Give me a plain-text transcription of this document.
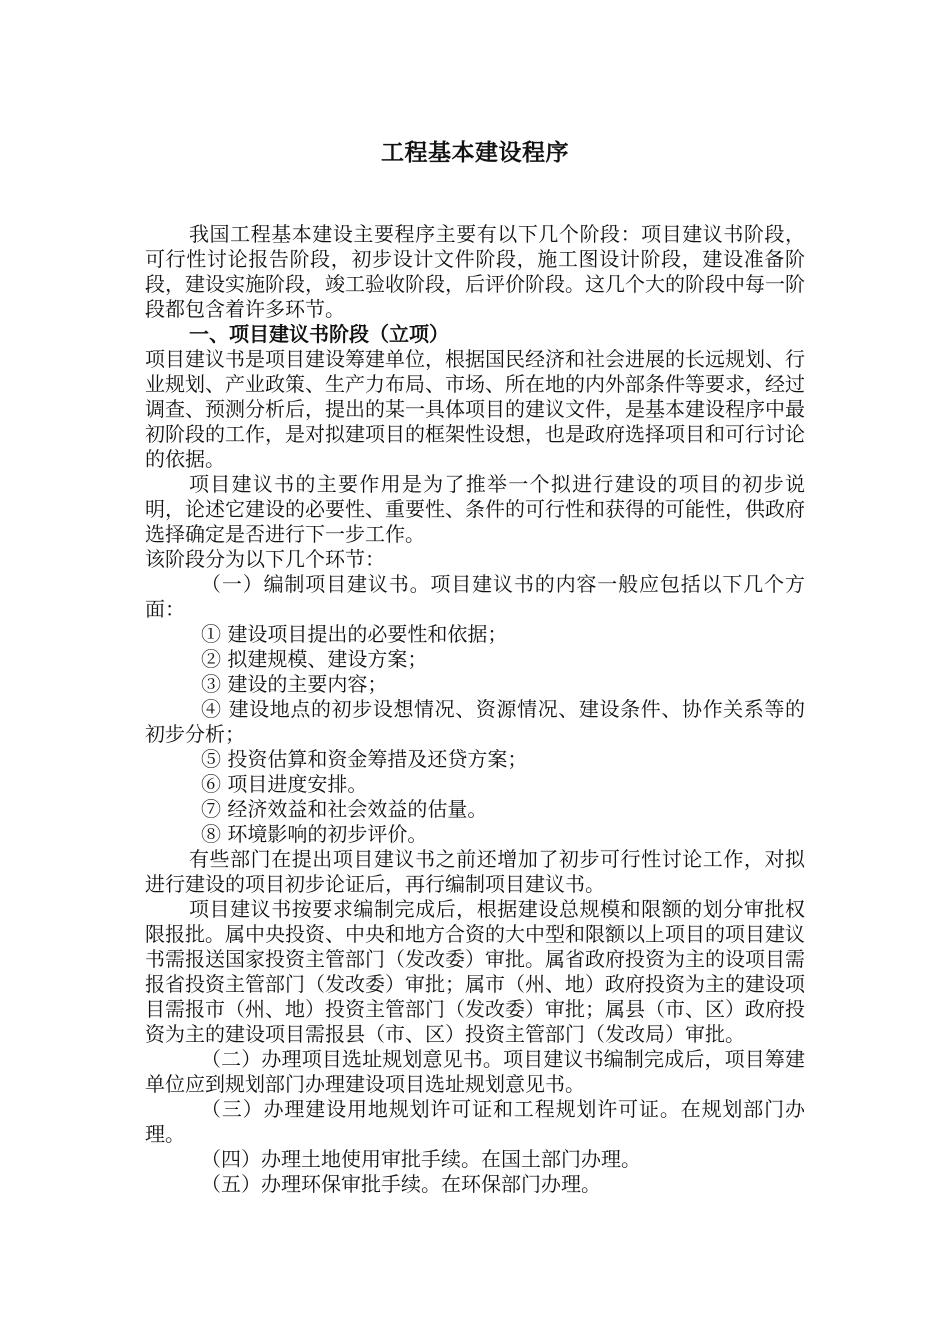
工程基本建设程序

我国工程基本建设主要程序主要有以下几个阶段：项目建议书阶段，可行性讨论报告阶段，初步设计文件阶段，施工图设计阶段，建设准备阶段，建设实施阶段，竣工验收阶段，后评价阶段。这几个大的阶段中每一阶段都包含着许多环节。

一、项目建议书阶段（立项）

项目建议书是项目建设筹建单位，根据国民经济和社会进展的长远规划、行业规划、产业政策、生产力布局、市场、所在地的内外部条件等要求，经过调查、预测分析后，提出的某一具体项目的建议文件，是基本建设程序中最初阶段的工作，是对拟建项目的框架性设想，也是政府选择项目和可行讨论的依据。

项目建议书的主要作用是为了推举一个拟进行建设的项目的初步说明，论述它建设的必要性、重要性、条件的可行性和获得的可能性，供政府选择确定是否进行下一步工作。

该阶段分为以下几个环节：

（一）编制项目建议书。项目建议书的内容一般应包括以下几个方面：

① 建设项目提出的必要性和依据；

② 拟建规模、建设方案；

③ 建设的主要内容；

④ 建设地点的初步设想情况、资源情况、建设条件、协作关系等的初步分析；

⑤ 投资估算和资金筹措及还贷方案；

⑥ 项目进度安排。

⑦ 经济效益和社会效益的估量。

⑧ 环境影响的初步评价。

有些部门在提出项目建议书之前还增加了初步可行性讨论工作，对拟进行建设的项目初步论证后，再行编制项目建议书。

项目建议书按要求编制完成后，根据建设总规模和限额的划分审批权限报批。属中央投资、中央和地方合资的大中型和限额以上项目的项目建议书需报送国家投资主管部门（发改委）审批。属省政府投资为主的设项目需报省投资主管部门（发改委）审批；属市（州、地）政府投资为主的建设项目需报市（州、地）投资主管部门（发改委）审批；属县（市、区）政府投资为主的建设项目需报县（市、区）投资主管部门（发改局）审批。

（二）办理项目选址规划意见书。项目建议书编制完成后，项目筹建单位应到规划部门办理建设项目选址规划意见书。

（三）办理建设用地规划许可证和工程规划许可证。在规划部门办理。

（四）办理土地使用审批手续。在国土部门办理。

（五）办理环保审批手续。在环保部门办理。
